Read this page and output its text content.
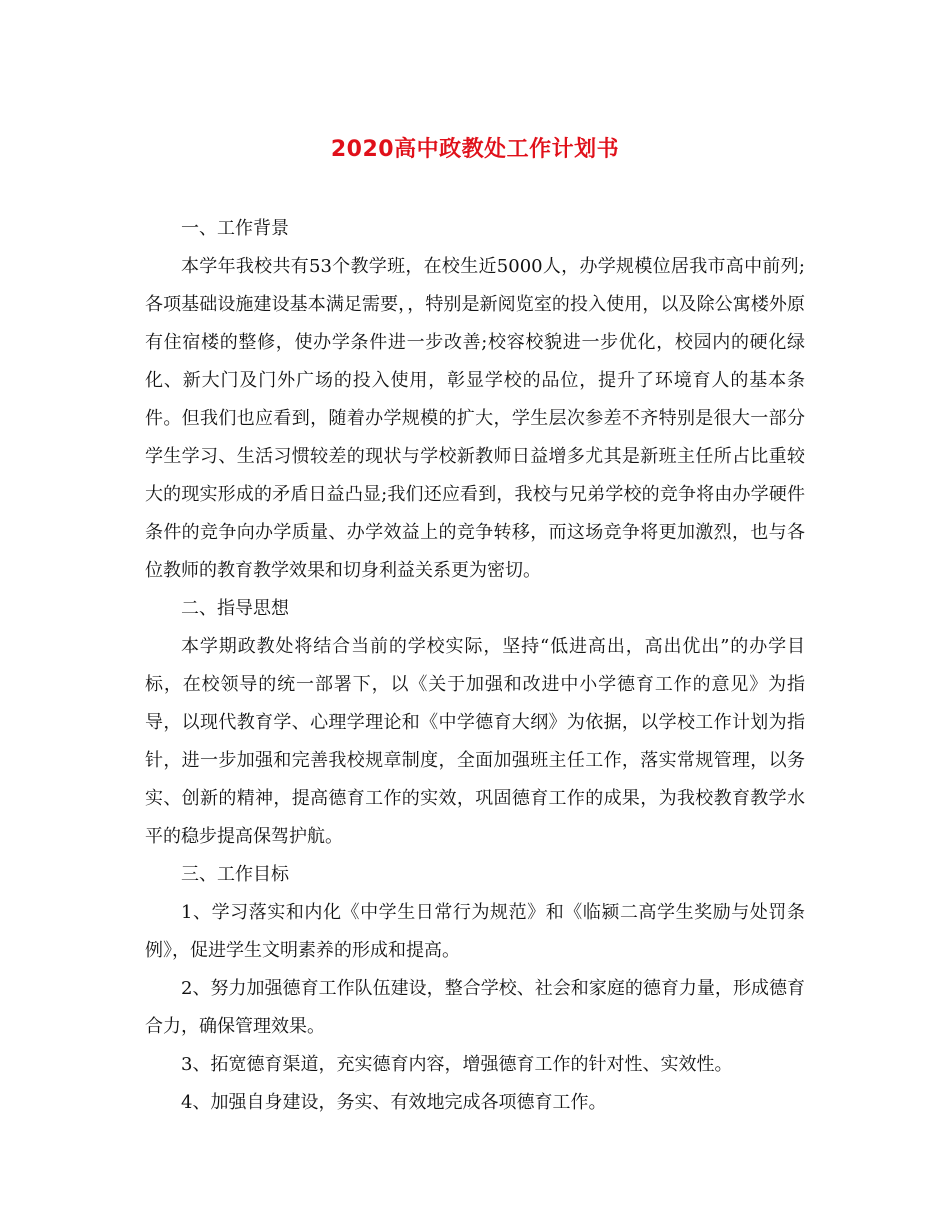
2020高中政教处工作计划书

一、工作背景

本学年我校共有53个教学班，在校生近5000人，办学规模位居我市高中前列;各项基础设施建设基本满足需要，，特别是新阅览室的投入使用，以及除公寓楼外原有住宿楼的整修，使办学条件进一步改善;校容校貌进一步优化，校园内的硬化绿化、新大门及门外广场的投入使用，彰显学校的品位，提升了环境育人的基本条件。但我们也应看到，随着办学规模的扩大，学生层次参差不齐特别是很大一部分学生学习、生活习惯较差的现状与学校新教师日益增多尤其是新班主任所占比重较大的现实形成的矛盾日益凸显;我们还应看到，我校与兄弟学校的竞争将由办学硬件条件的竞争向办学质量、办学效益上的竞争转移，而这场竞争将更加激烈，也与各位教师的教育教学效果和切身利益关系更为密切。

二、指导思想

本学期政教处将结合当前的学校实际，坚持“低进高出，高出优出”的办学目标，在校领导的统一部署下，以《关于加强和改进中小学德育工作的意见》为指导，以现代教育学、心理学理论和《中学德育大纲》为依据，以学校工作计划为指针，进一步加强和完善我校规章制度，全面加强班主任工作，落实常规管理，以务实、创新的精神，提高德育工作的实效，巩固德育工作的成果，为我校教育教学水平的稳步提高保驾护航。

三、工作目标

1、学习落实和内化《中学生日常行为规范》和《临颍二高学生奖励与处罚条例》，促进学生文明素养的形成和提高。

2、努力加强德育工作队伍建设，整合学校、社会和家庭的德育力量，形成德育合力，确保管理效果。

3、拓宽德育渠道，充实德育内容，增强德育工作的针对性、实效性。

4、加强自身建设，务实、有效地完成各项德育工作。
